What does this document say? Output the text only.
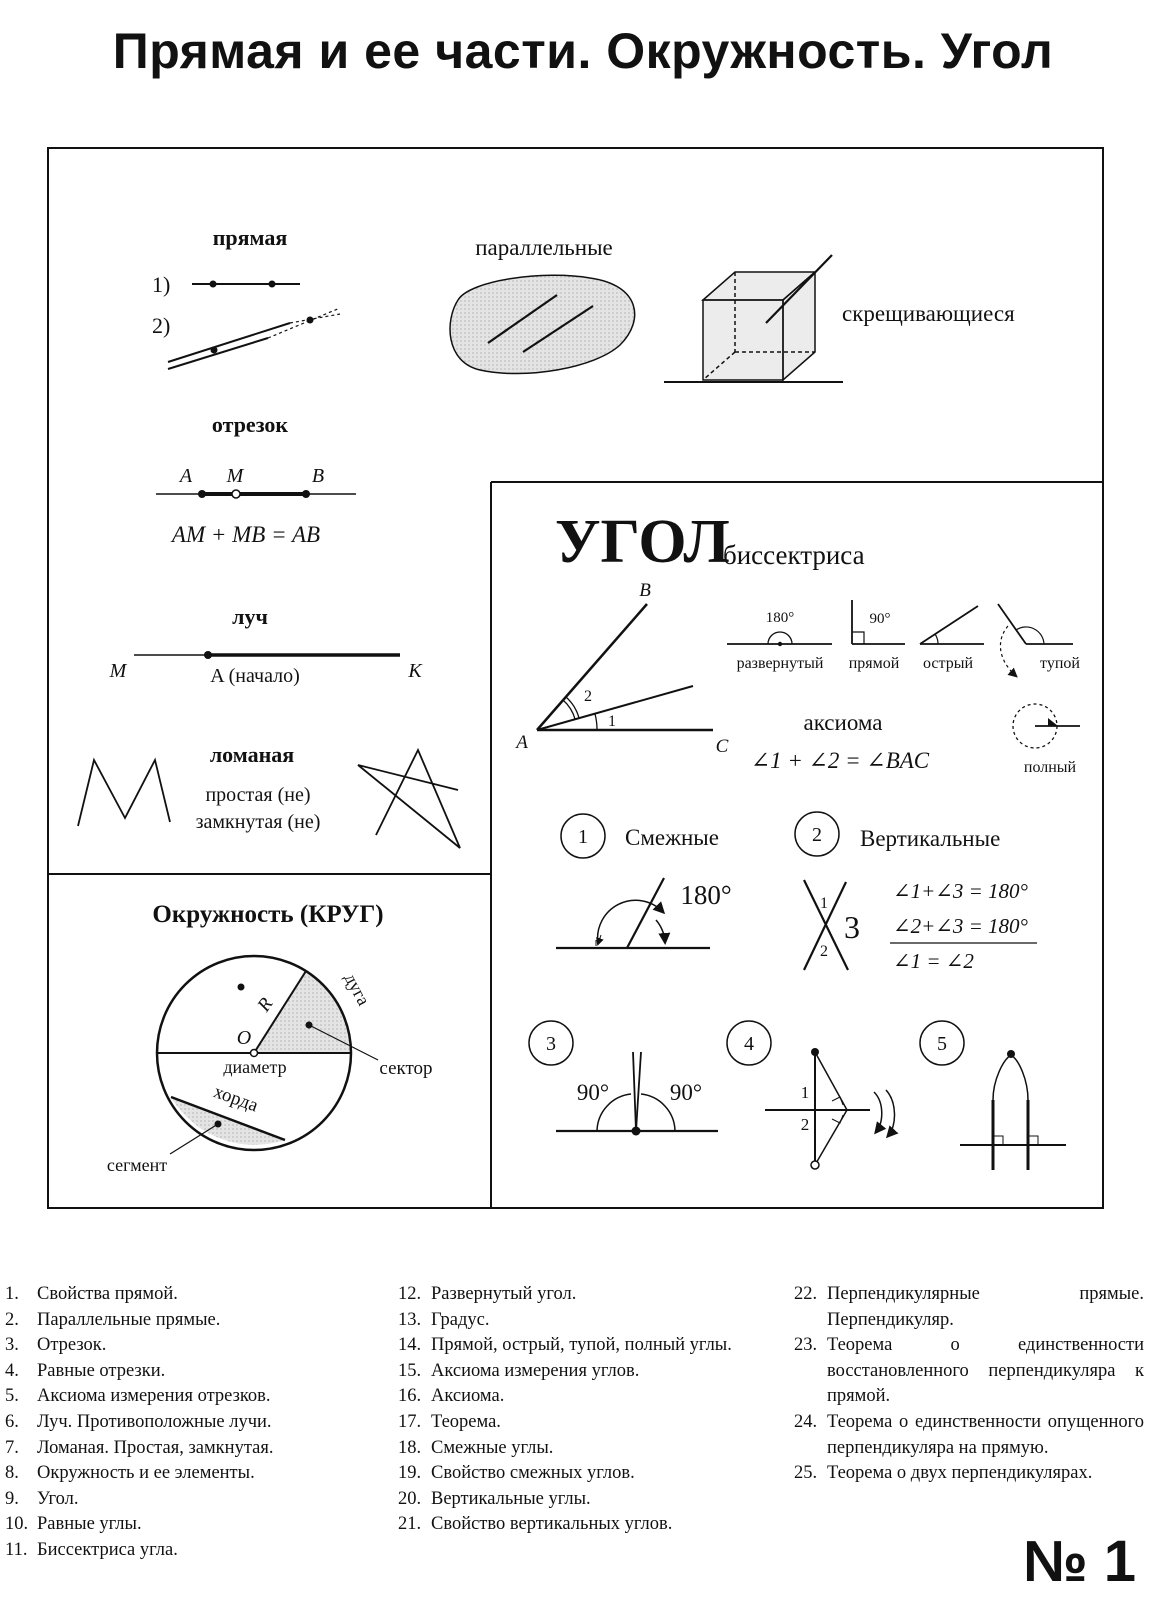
Прямая и ее части. Окружность. Угол
прямая
1)
2)
параллельные
скрещивающиеся
отрезок
A M	B
AM + MB = AB
луч
M	K
A (начало)
ломаная
простая (не)
замкнутая (не)
Окружность (КРУГ)
O
R	дуга
сектор
диаметр
хорда
сегмент
УГОЛ
биссектриса
B
A	C
1
2
180°
развернутый
90°
прямой острый	тупой
аксиома
∠1 + ∠2 = ∠BAC	полный
1 Смежные
180°
2 Вертикальные
1
2
3
∠1+∠3 = 180°
∠2+∠3 = 180°
∠1 = ∠2
3
90°	90°
4
1
2
5
1. Свойства прямой.
2. Параллельные прямые.
3. Отрезок.
4. Равные отрезки.
5. Аксиома измерения отрезков.
6. Луч. Противоположные лучи.
7. Ломаная. Простая, замкнутая.
8. Окружность и ее элементы.
9. Угол.
10. Равные углы.
11. Биссектриса угла.
12. Развернутый угол.
13. Градус.
14. Прямой, острый, тупой, полный углы.
15. Аксиома измерения углов.
16. Аксиома.
17. Теорема.
18. Смежные углы.
19. Свойство смежных углов.
20. Вертикальные углы.
21. Свойство вертикальных углов.
22. Перпендикулярные прямые. Перпендикуляр.
23. Теорема о единственности восстановленного перпендикуляра к прямой.
24. Теорема о единственности опущенного перпендикуляра на прямую.
25. Теорема о двух перпендикулярах.
№ 1
